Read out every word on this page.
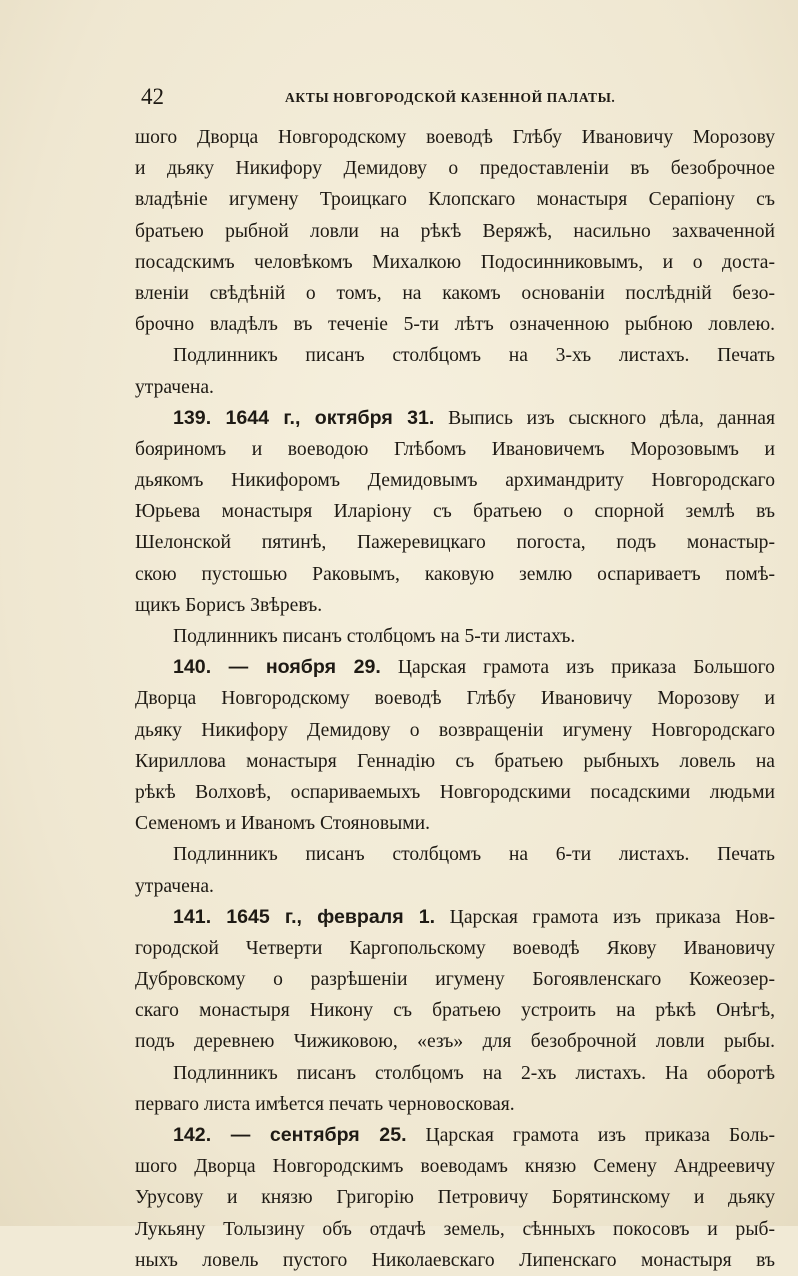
42	АКТЫ НОВГОРОДСКОЙ КАЗЕННОЙ ПАЛАТЫ.
шого Дворца Новгородскому воеводѣ Глѣбу Ивановичу Морозову
и дьяку Никифору Демидову о предоставленіи въ безоброчное
владѣніе игумену Троицкаго Клопскаго монастыря Серапіону съ
братьею рыбной ловли на рѣкѣ Веряжѣ, насильно захваченной
посадскимъ человѣкомъ Михалкою Подосинниковымъ, и о доста-
вленіи свѣдѣній о томъ, на какомъ основаніи послѣдній безо-
брочно владѣлъ въ теченіе 5-ти лѣтъ означенною рыбною ловлею.
Подлинникъ писанъ столбцомъ на 3-хъ листахъ. Печать
утрачена.
139. 1644 г., октября 31. Выпись изъ сыскного дѣла, данная
бояриномъ и воеводою Глѣбомъ Ивановичемъ Морозовымъ и
дьякомъ Никифоромъ Демидовымъ архимандриту Новгородскаго
Юрьева монастыря Иларіону съ братьею о спорной землѣ въ
Шелонской пятинѣ, Пажеревицкаго погоста, подъ монастыр-
скою пустошью Раковымъ, каковую землю оспариваетъ помѣ-
щикъ Борисъ Звѣревъ.
Подлинникъ писанъ столбцомъ на 5-ти листахъ.
140. — ноября 29. Царская грамота изъ приказа Большого
Дворца Новгородскому воеводѣ Глѣбу Ивановичу Морозову и
дьяку Никифору Демидову о возвращеніи игумену Новгородскаго
Кириллова монастыря Геннадію съ братьею рыбныхъ ловель на
рѣкѣ Волховѣ, оспариваемыхъ Новгородскими посадскими людьми
Семеномъ и Иваномъ Стояновыми.
Подлинникъ писанъ столбцомъ на 6-ти листахъ. Печать
утрачена.
141. 1645 г., февраля 1. Царская грамота изъ приказа Нов-
городской Четверти Каргопольскому воеводѣ Якову Ивановичу
Дубровскому о разрѣшеніи игумену Богоявленскаго Кожеозер-
скаго монастыря Никону съ братьею устроить на рѣкѣ Онѣгѣ,
подъ деревнею Чижиковою, «езъ» для безоброчной ловли рыбы.
Подлинникъ писанъ столбцомъ на 2-хъ листахъ. На оборотѣ
перваго листа имѣется печать черновосковая.
142. — сентября 25. Царская грамота изъ приказа Боль-
шого Дворца Новгородскимъ воеводамъ князю Семену Андреевичу
Урусову и князю Григорію Петровичу Борятинскому и дьяку
Лукьяну Толызину объ отдачѣ земель, сѣнныхъ покосовъ и рыб-
ныхъ ловель пустого Николаевскаго Липенскаго монастыря въ
